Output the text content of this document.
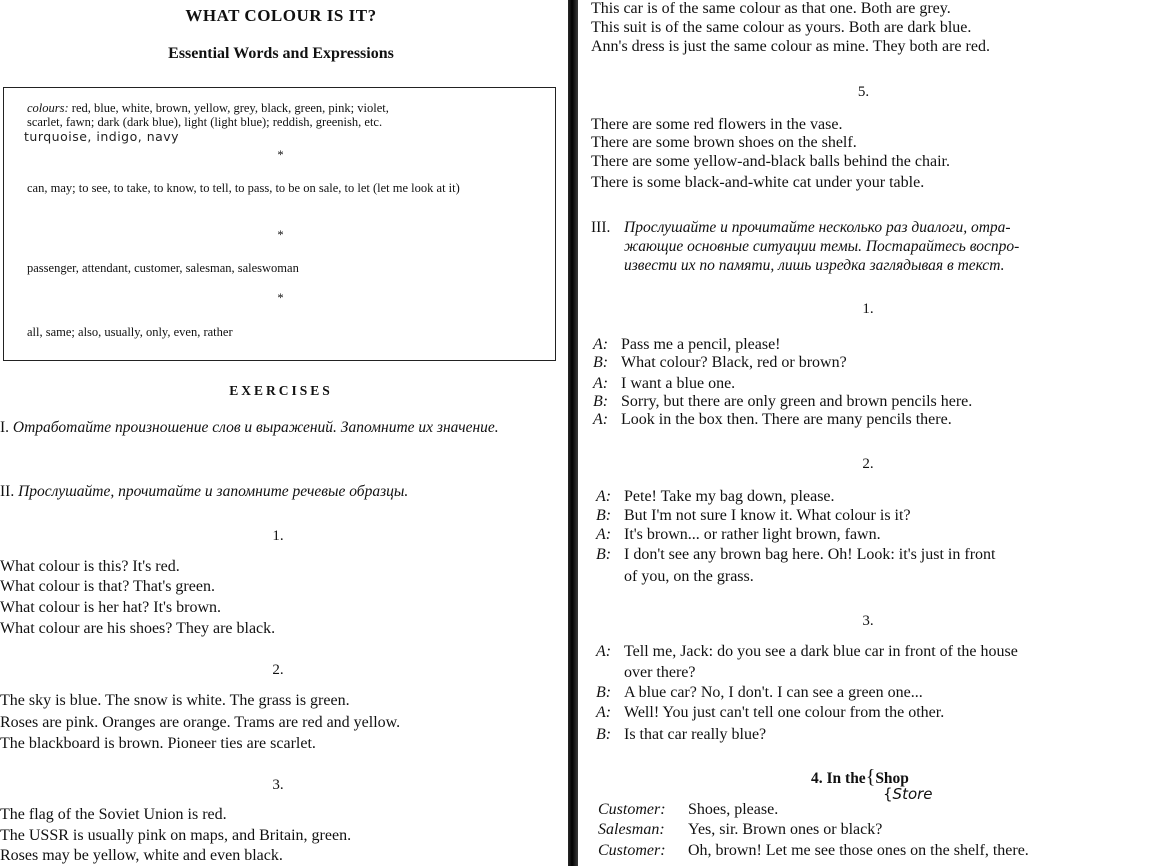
WHAT COLOUR IS IT?
Essential Words and Expressions
colours: red, blue, white, brown, yellow, grey, black, green, pink; violet,
scarlet, fawn; dark (dark blue), light (light blue); reddish, greenish, etc.
turquoise, indigo, navy
*
can, may; to see, to take, to know, to tell, to pass, to be on sale, to let (let me look at it)
*
passenger, attendant, customer, salesman, saleswoman
*
all, same; also, usually, only, even, rather
EXERCISES
I. Отработайте произношение слов и выражений. Запомните их значение.
II. Прослушайте, прочитайте и запомните речевые образцы.
1.
What colour is this? It's red.
What colour is that? That's green.
What colour is her hat? It's brown.
What colour are his shoes? They are black.
2.
The sky is blue. The snow is white. The grass is green.
Roses are pink. Oranges are orange. Trams are red and yellow.
The blackboard is brown. Pioneer ties are scarlet.
3.
The flag of the Soviet Union is red.
The USSR is usually pink on maps, and Britain, green.
Roses may be yellow, white and even black.
This car is of the same colour as that one. Both are grey.
This suit is of the same colour as yours. Both are dark blue.
Ann's dress is just the same colour as mine. They both are red.
5.
There are some red flowers in the vase.
There are some brown shoes on the shelf.
There are some yellow-and-black balls behind the chair.
There is some black-and-white cat under your table.
III. Прослушайте и прочитайте несколько раз диалоги, отра-
жающие основные ситуации темы. Постарайтесь воспро-
извести их по памяти, лишь изредка заглядывая в текст.
1.
A: Pass me a pencil, please!
B: What colour? Black, red or brown?
A: I want a blue one.
B: Sorry, but there are only green and brown pencils here.
A: Look in the box then. There are many pencils there.
2.
A: Pete! Take my bag down, please.
B: But I'm not sure I know it. What colour is it?
A: It's brown... or rather light brown, fawn.
B: I don't see any brown bag here. Oh! Look: it's just in front
of you, on the grass.
3.
A: Tell me, Jack: do you see a dark blue car in front of the house
over there?
B: A blue car? No, I don't. I can see a green one...
A: Well! You just can't tell one colour from the other.
B: Is that car really blue?
4. In the{Shop
{Store
Customer: Shoes, please.
Salesman: Yes, sir. Brown ones or black?
Customer: Oh, brown! Let me see those ones on the shelf, there.
